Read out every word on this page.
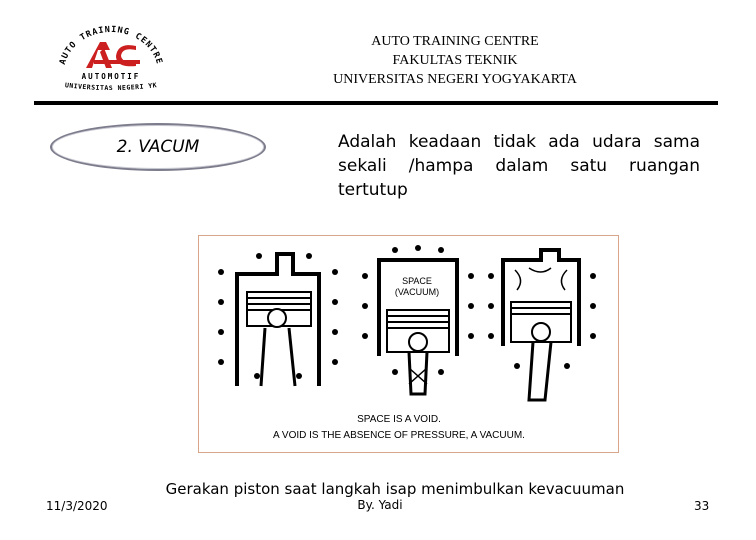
AUTO TRAINING CENTRE
AUTOMOTIF
UNIVERSITAS NEGERI YK
AUTO TRAINING CENTRE
FAKULTAS TEKNIK
UNIVERSITAS NEGERI YOGYAKARTA
2. VACUM	Adalah keadaan tidak ada udara sama sekali /hampa dalam satu ruangan tertutup
SPACE
(VACUUM)
SPACE IS A VOID.
A VOID IS THE ABSENCE OF PRESSURE, A VACUUM.
Gerakan piston saat langkah isap menimbulkan kevacuuman
11/3/2020	By. Yadi	33
